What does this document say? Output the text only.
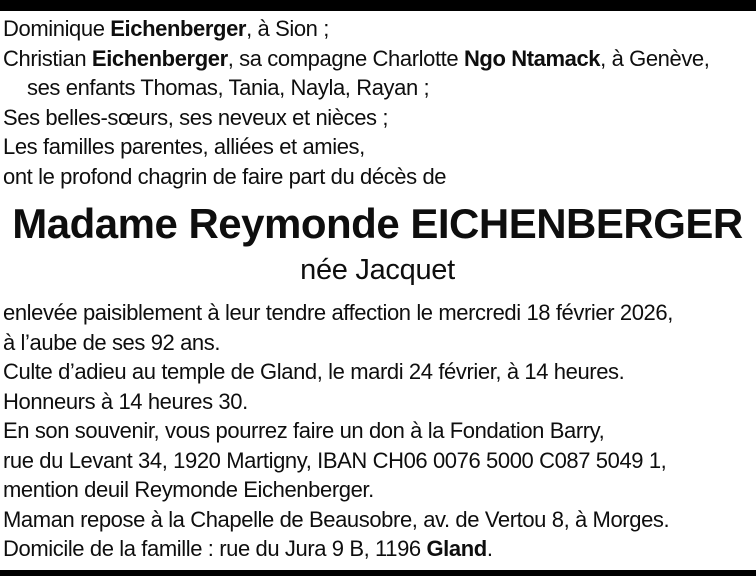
Dominique Eichenberger, à Sion ;
Christian Eichenberger, sa compagne Charlotte Ngo Ntamack, à Genève,
ses enfants Thomas, Tania, Nayla, Rayan ;
Ses belles-sœurs, ses neveux et nièces ;
Les familles parentes, alliées et amies,
ont le profond chagrin de faire part du décès de
Madame Reymonde EICHENBERGER
née Jacquet
enlevée paisiblement à leur tendre affection le mercredi 18 février 2026,
à l’aube de ses 92 ans.
Culte d’adieu au temple de Gland, le mardi 24 février, à 14 heures.
Honneurs à 14 heures 30.
En son souvenir, vous pourrez faire un don à la Fondation Barry,
rue du Levant 34, 1920 Martigny, IBAN CH06 0076 5000 C087 5049 1,
mention deuil Reymonde Eichenberger.
Maman repose à la Chapelle de Beausobre, av. de Vertou 8, à Morges.
Domicile de la famille : rue du Jura 9 B, 1196 Gland.
